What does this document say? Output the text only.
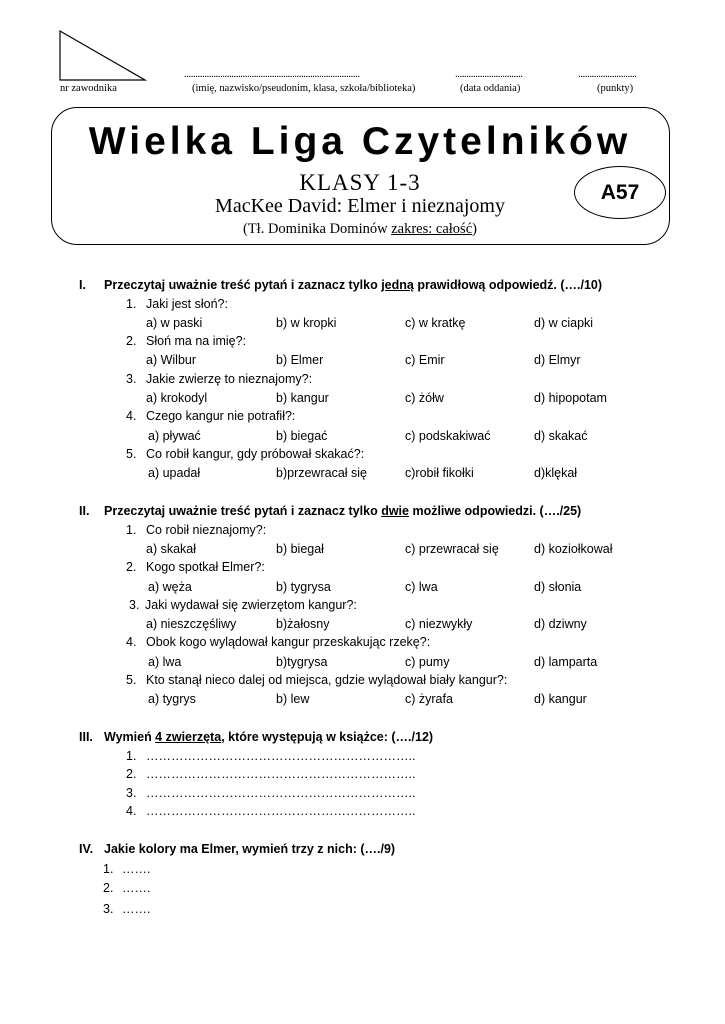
..............................................................................	..............................	..........................
nr zawodnika	(imię, nazwisko/pseudonim, klasa, szkoła/biblioteka)	(data oddania)	(punkty)
Wielka Liga Czytelników
KLASY 1-3
MacKee David: Elmer i nieznajomy
(Tł. Dominika Dominów zakres: całość)
A57
I. Przeczytaj uważnie treść pytań i zaznacz tylko jedną prawidłową odpowiedź. (…./10)
1. Jaki jest słoń?:
a) w paski	b) w kropki	c) w kratkę	d) w ciapki
2. Słoń ma na imię?:
a) Wilbur	b) Elmer	c) Emir	d) Elmyr
3. Jakie zwierzę to nieznajomy?:
a) krokodyl	b) kangur	c) żółw	d) hipopotam
4. Czego kangur nie potrafił?:
a) pływać	b) biegać	c) podskakiwać	d) skakać
5. Co robił kangur, gdy próbował skakać?:
a) upadał	b)przewracał się	c)robił fikołki	d)klękał
II. Przeczytaj uważnie treść pytań i zaznacz tylko dwie możliwe odpowiedzi. (…./25)
1. Co robił nieznajomy?:
a) skakał	b) biegał	c) przewracał się	d) koziołkował
2. Kogo spotkał Elmer?:
a) węża	b) tygrysa	c) lwa	d) słonia
3. Jaki wydawał się zwierzętom kangur?:
a) nieszczęśliwy	b)żałosny	c) niezwykły	d) dziwny
4. Obok kogo wylądował kangur przeskakując rzekę?:
a) lwa	b)tygrysa	c) pumy	d) lamparta
5. Kto stanął nieco dalej od miejsca, gdzie wylądował biały kangur?:
a) tygrys	b) lew	c) żyrafa	d) kangur
III. Wymień 4 zwierzęta, które występują w książce: (…./12)
1. ………………………………………………………..
2. ………………………………………………………..
3. ………………………………………………………..
4. ………………………………………………………..
IV. Jakie kolory ma Elmer, wymień trzy z nich: (…./9)
1. …….
2. …….
3. …….
